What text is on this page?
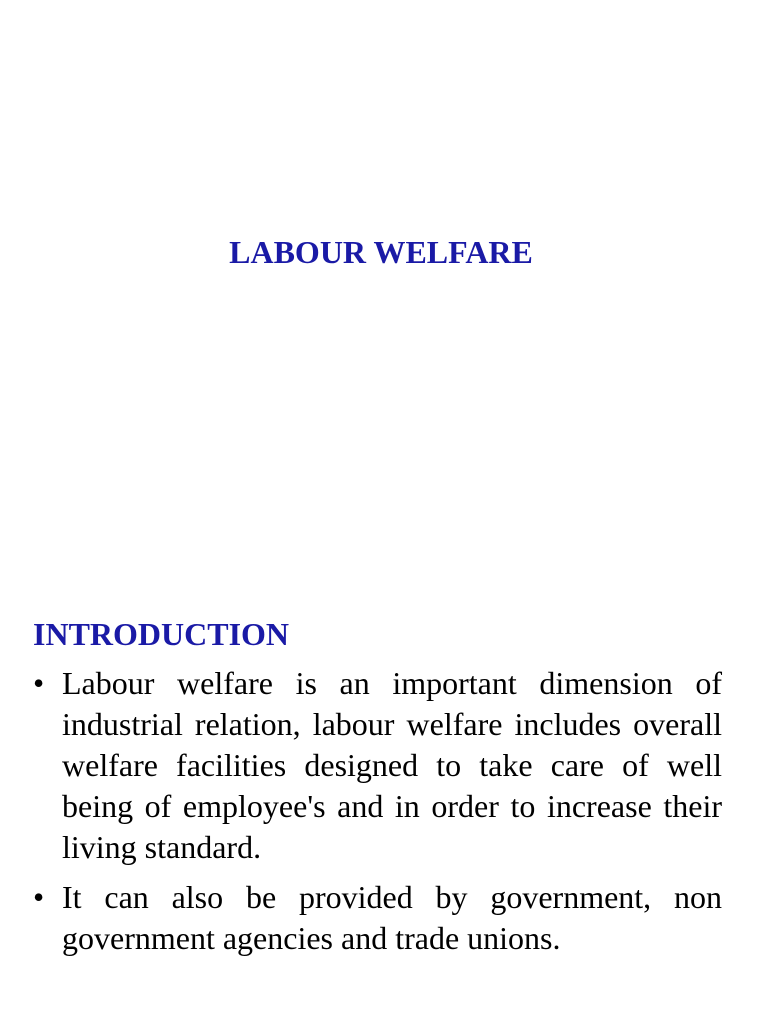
LABOUR WELFARE
INTRODUCTION
• Labour welfare is an important dimension of industrial relation, labour welfare includes overall welfare facilities designed to take care of well being of employee's and in order to increase their living standard.
• It can also be provided by government, non government agencies and trade unions.
